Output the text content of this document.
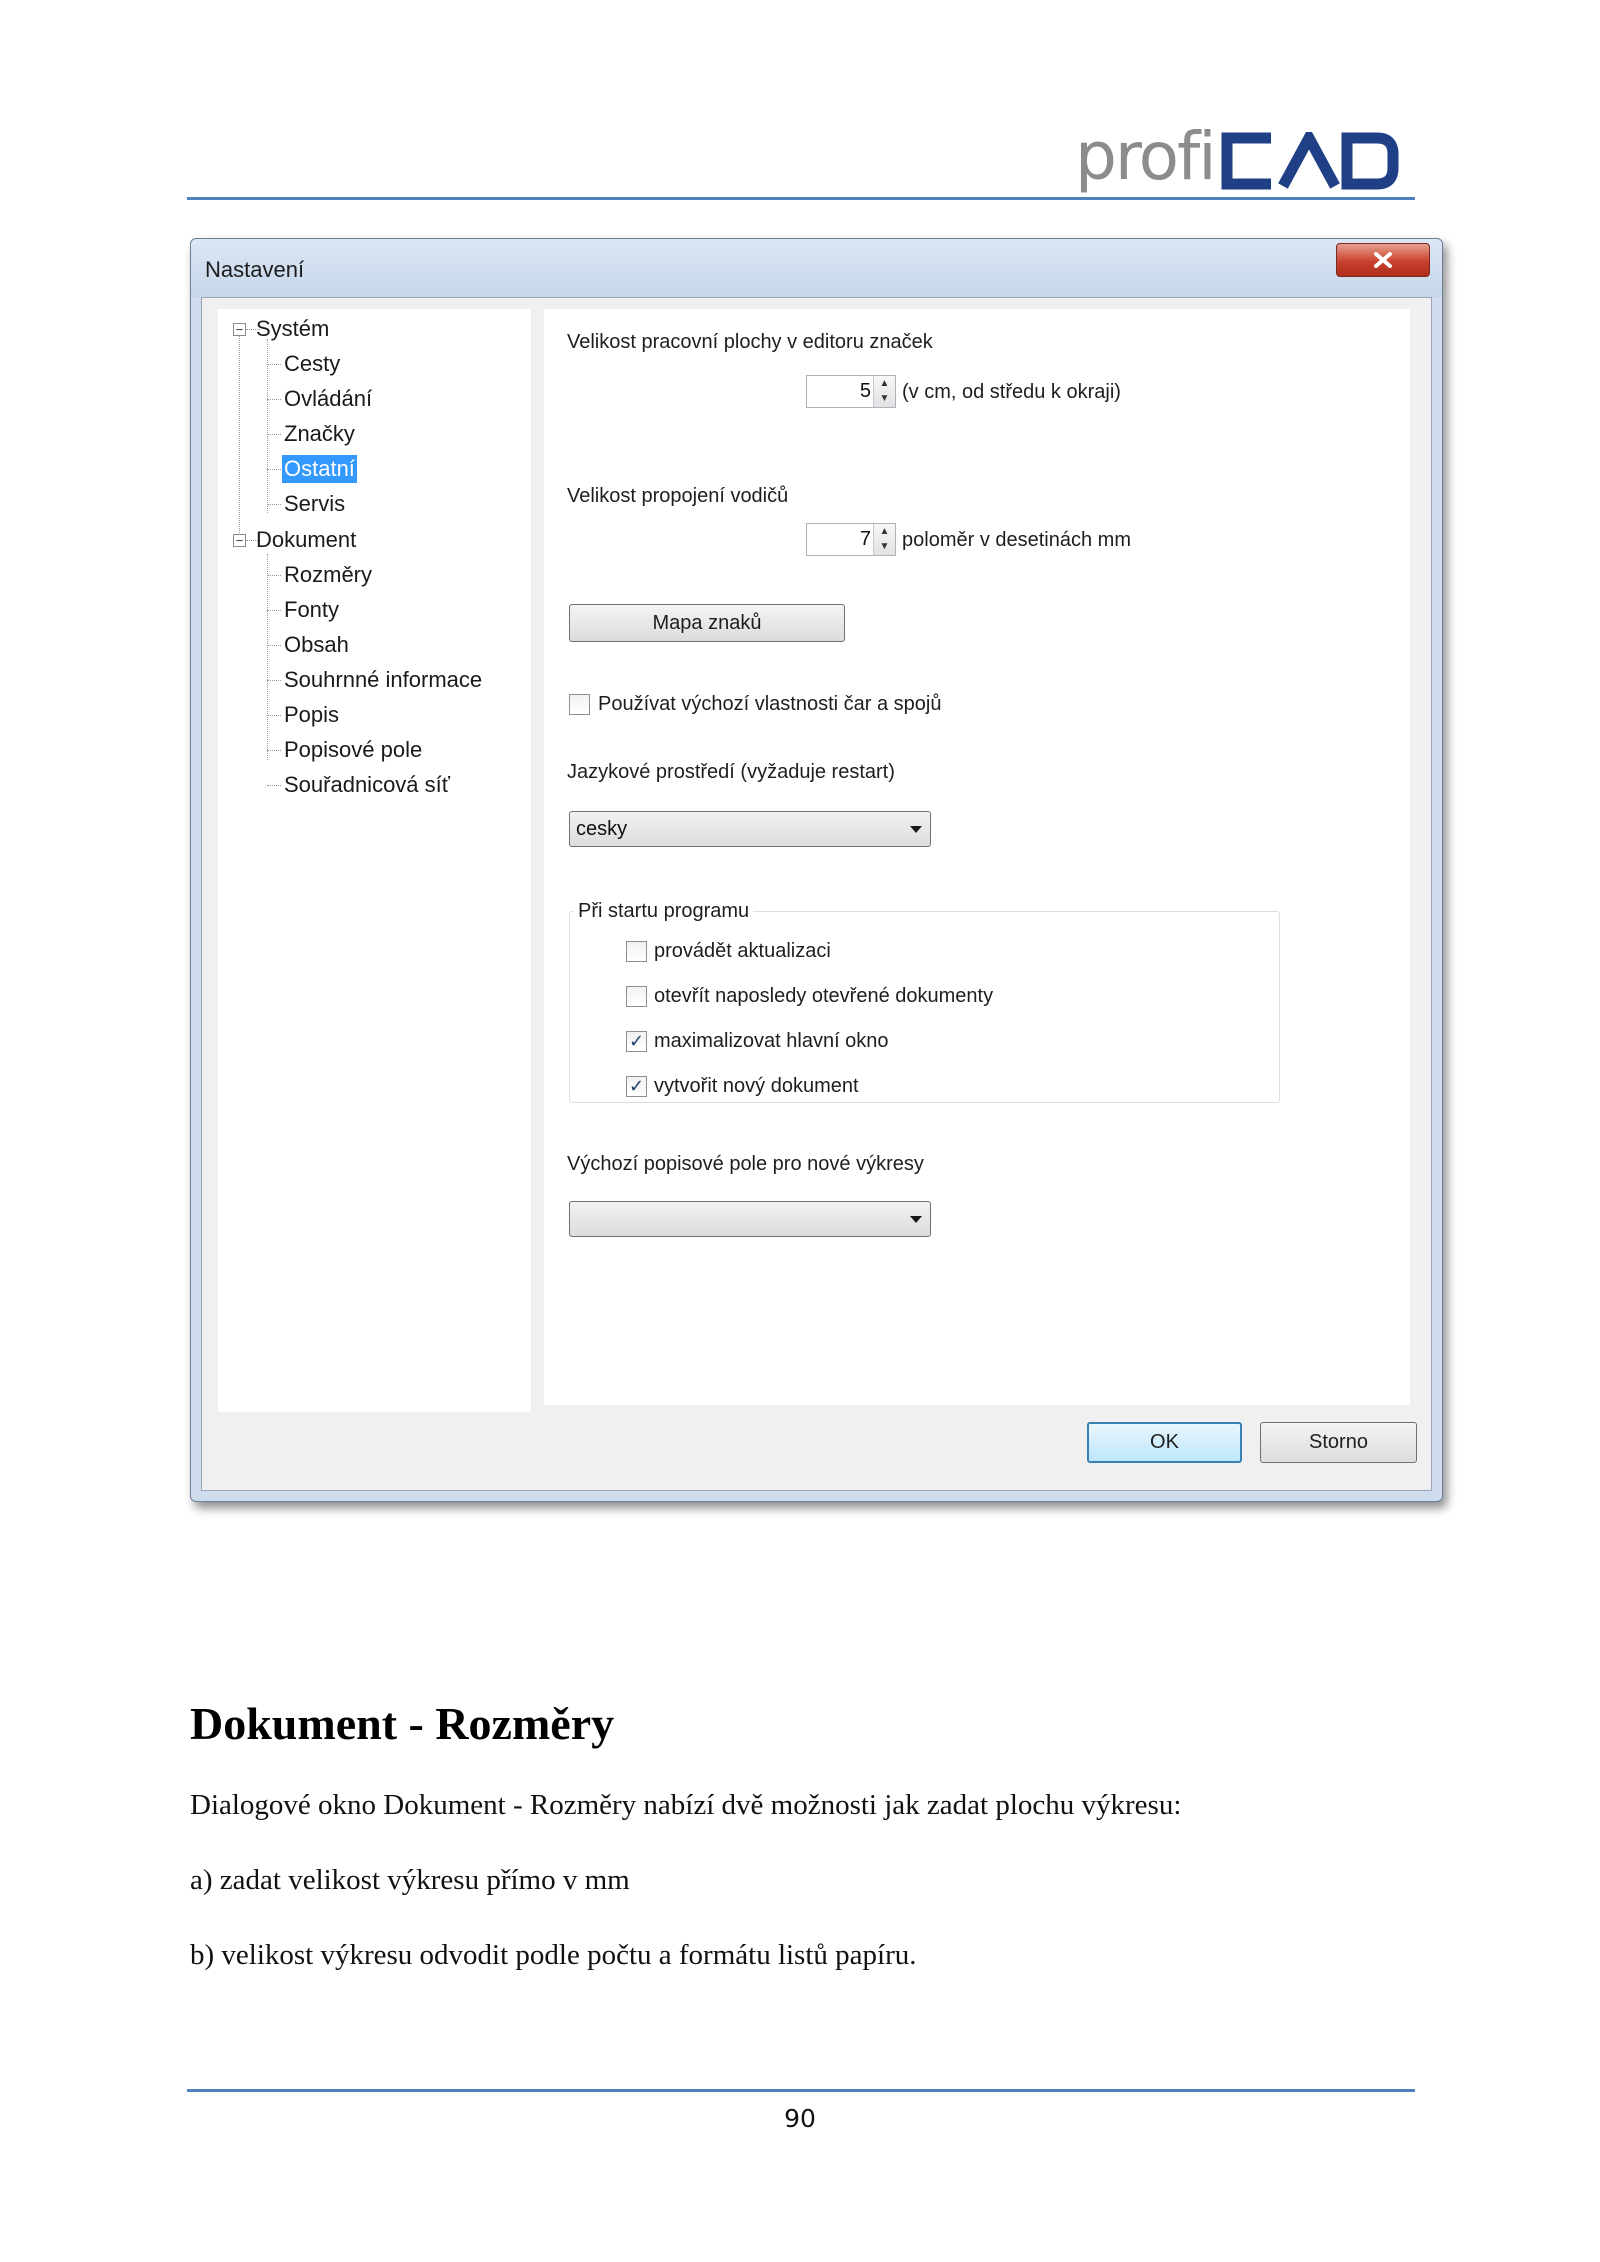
profi
Nastavení
− Systém
Cesty
Ovládání
Značky
Ostatní
Servis
− Dokument
Rozměry
Fonty
Obsah
Souhrnné informace
Popis
Popisové pole
Souřadnicová síť
Velikost pracovní plochy v editoru značek
5 ▲
▼ (v cm, od středu k okraji)
Velikost propojení vodičů
7 ▲
▼ poloměr v desetinách mm
Mapa znaků
Používat výchozí vlastnosti čar a spojů
Jazykové prostředí (vyžaduje restart)
cesky
Při startu programu
provádět aktualizaci
otevřít naposledy otevřené dokumenty
✓ maximalizovat hlavní okno
✓ vytvořit nový dokument
Výchozí popisové pole pro nové výkresy
OK	Storno
Dokument - Rozměry
Dialogové okno Dokument - Rozměry nabízí dvě možnosti jak zadat plochu výkresu:
a) zadat velikost výkresu přímo v mm
b) velikost výkresu odvodit podle počtu a formátu listů papíru.
90
